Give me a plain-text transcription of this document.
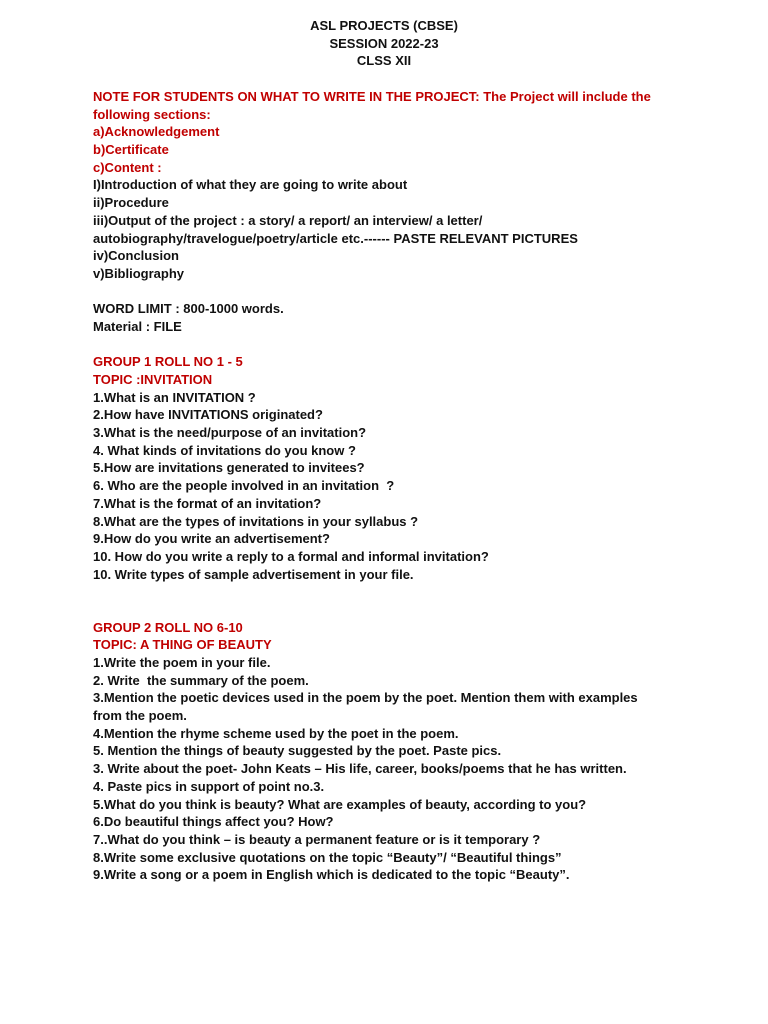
ASL PROJECTS (CBSE)
SESSION 2022-23
CLSS XII
NOTE FOR STUDENTS ON WHAT TO WRITE IN THE PROJECT: The Project will include the
following sections:
a)Acknowledgement
b)Certificate
c)Content :
I)Introduction of what they are going to write about
ii)Procedure
iii)Output of the project : a story/ a report/ an interview/ a letter/
autobiography/travelogue/poetry/article etc.------ PASTE RELEVANT PICTURES
iv)Conclusion
v)Bibliography
WORD LIMIT : 800-1000 words.
Material : FILE
GROUP 1 ROLL NO 1 - 5
TOPIC :INVITATION
1.What is an INVITATION ?
2.How have INVITATIONS originated?
3.What is the need/purpose of an invitation?
4. What kinds of invitations do you know ?
5.How are invitations generated to invitees?
6. Who are the people involved in an invitation  ?
7.What is the format of an invitation?
8.What are the types of invitations in your syllabus ?
9.How do you write an advertisement?
10. How do you write a reply to a formal and informal invitation?
10. Write types of sample advertisement in your file.
GROUP 2 ROLL NO 6-10
TOPIC: A THING OF BEAUTY
1.Write the poem in your file.
2. Write  the summary of the poem.
3.Mention the poetic devices used in the poem by the poet. Mention them with examples
from the poem.
4.Mention the rhyme scheme used by the poet in the poem.
5. Mention the things of beauty suggested by the poet. Paste pics.
3. Write about the poet- John Keats – His life, career, books/poems that he has written.
4. Paste pics in support of point no.3.
5.What do you think is beauty? What are examples of beauty, according to you?
6.Do beautiful things affect you? How?
7..What do you think – is beauty a permanent feature or is it temporary ?
8.Write some exclusive quotations on the topic “Beauty”/ “Beautiful things”
9.Write a song or a poem in English which is dedicated to the topic “Beauty”.
